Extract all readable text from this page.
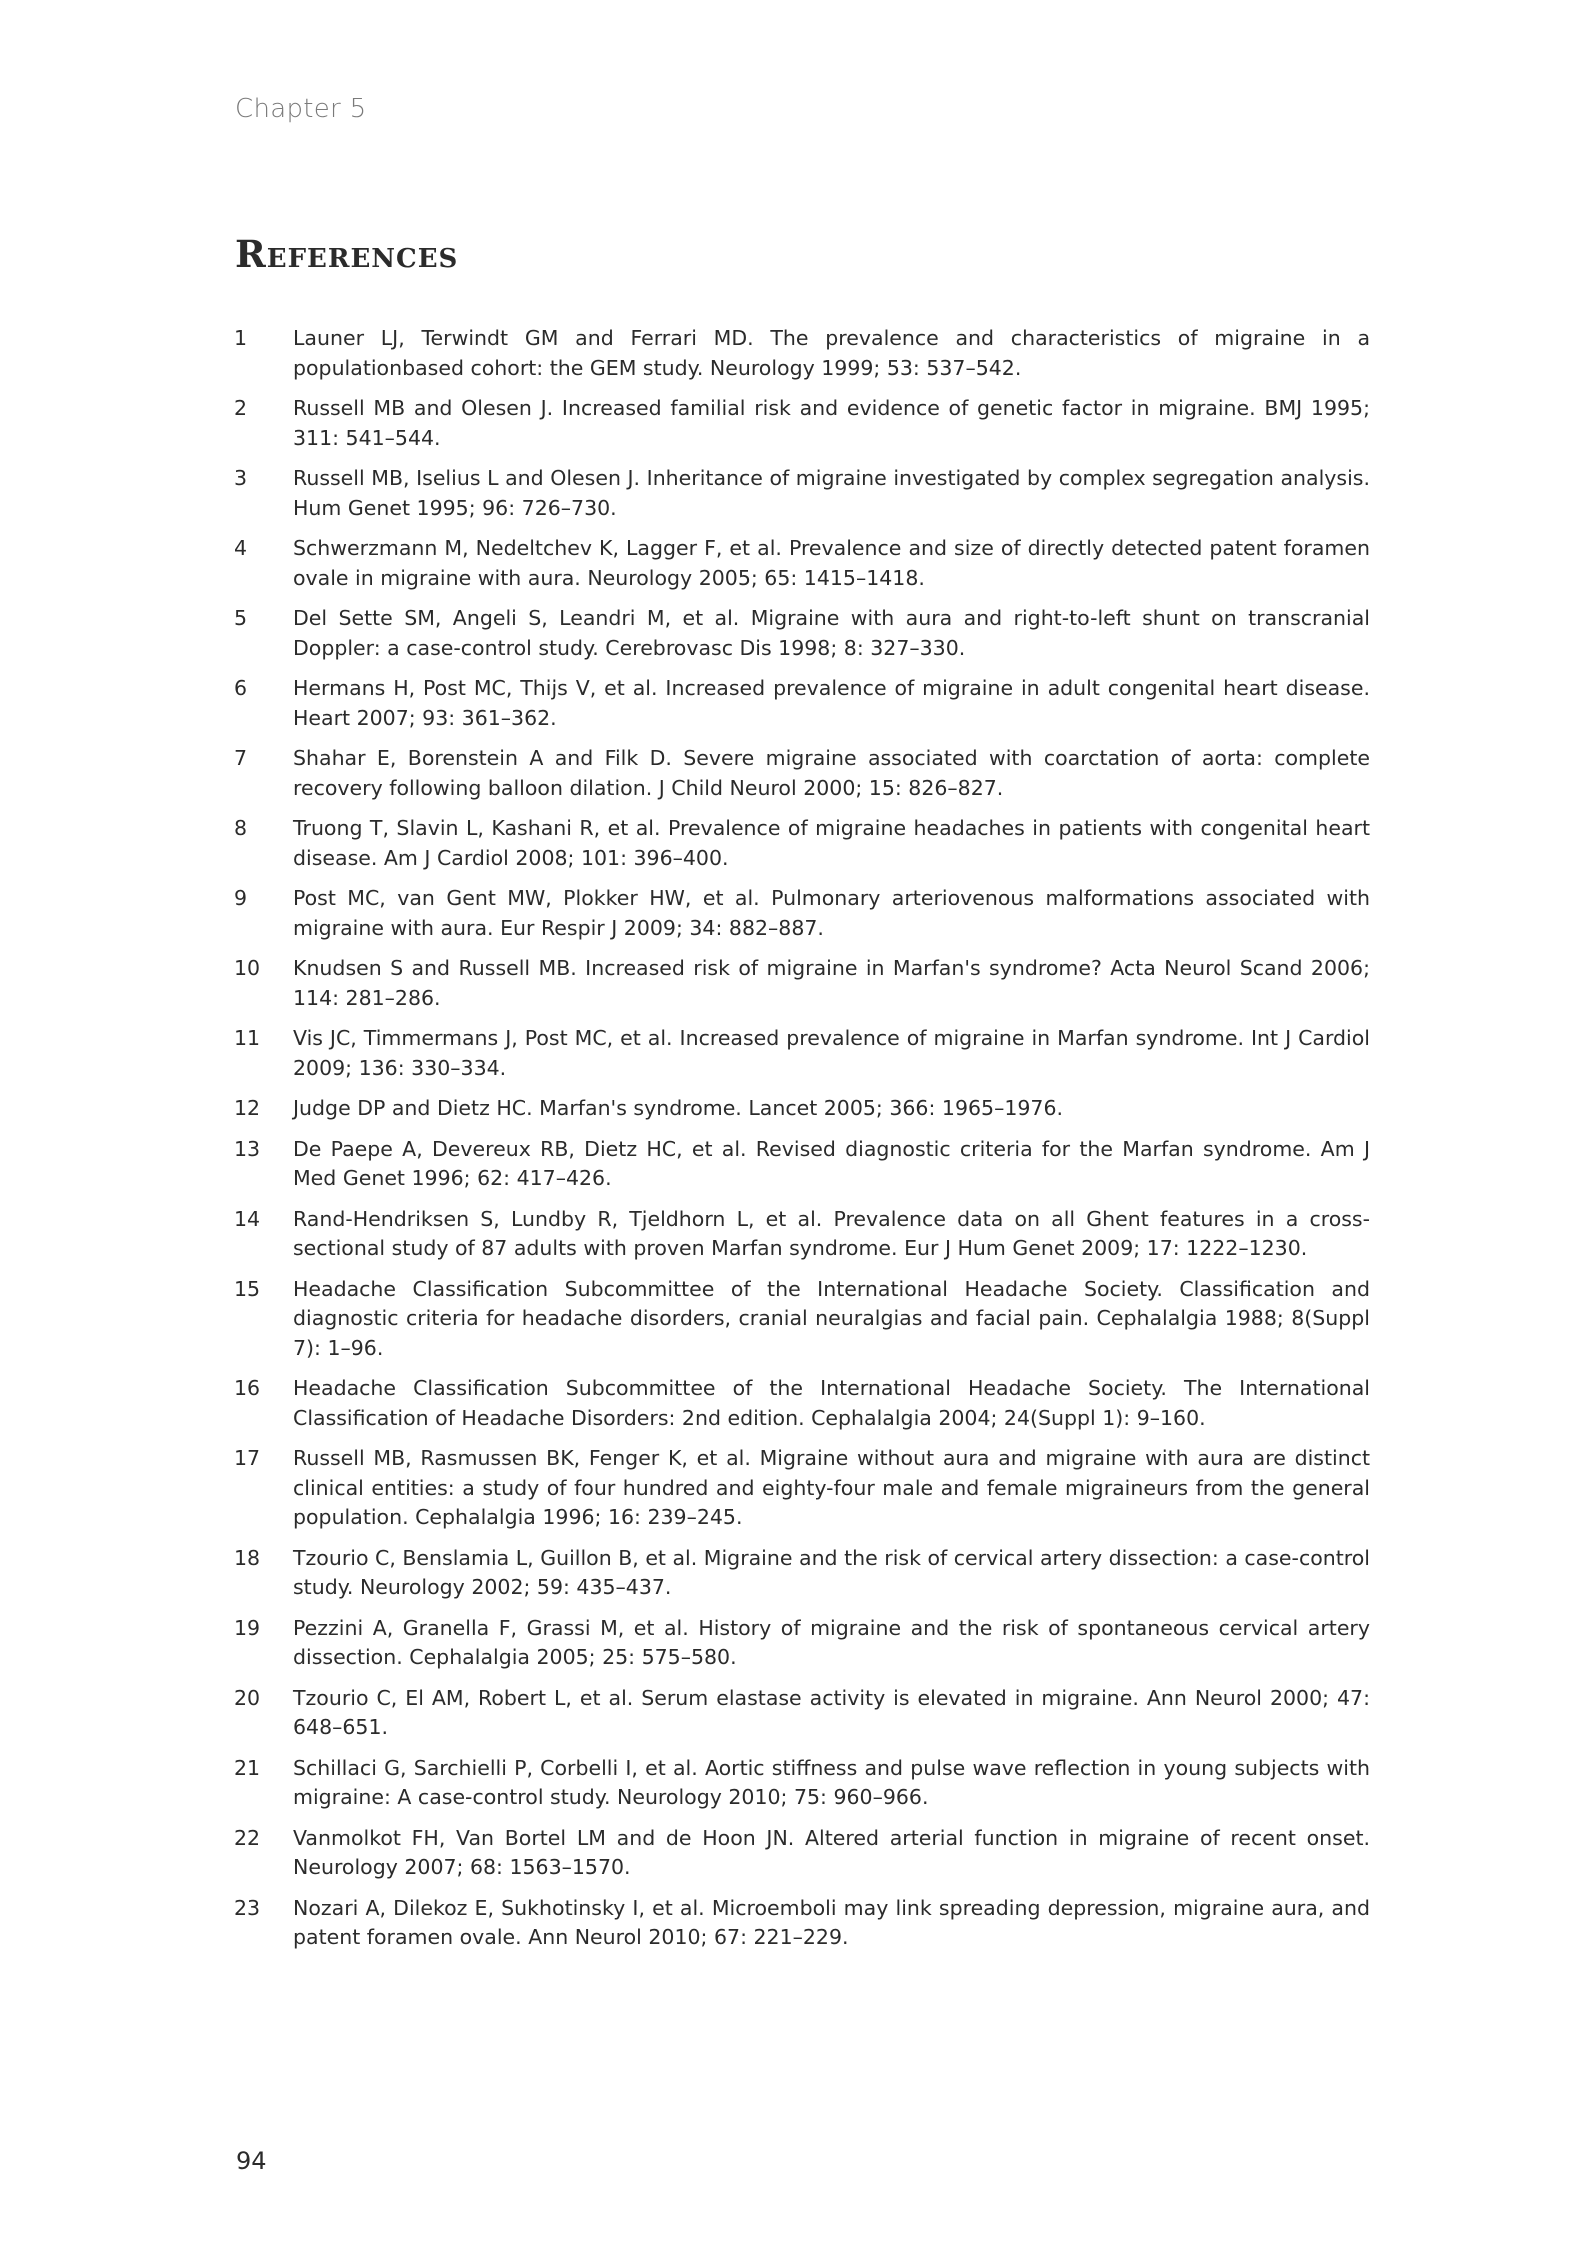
Chapter 5
References
1	Launer LJ, Terwindt GM and Ferrari MD. The prevalence and characteristics of migraine in a populationbased cohort: the GEM study. Neurology 1999; 53: 537–542.
2	Russell MB and Olesen J. Increased familial risk and evidence of genetic factor in migraine. BMJ 1995; 311: 541–544.
3	Russell MB, Iselius L and Olesen J. Inheritance of migraine investigated by complex segregation analysis. Hum Genet 1995; 96: 726–730.
4	Schwerzmann M, Nedeltchev K, Lagger F, et al. Prevalence and size of directly detected patent foramen ovale in migraine with aura. Neurology 2005; 65: 1415–1418.
5	Del Sette SM, Angeli S, Leandri M, et al. Migraine with aura and right-to-left shunt on transcranial Doppler: a case-control study. Cerebrovasc Dis 1998; 8: 327–330.
6	Hermans H, Post MC, Thijs V, et al. Increased prevalence of migraine in adult congenital heart disease. Heart 2007; 93: 361–362.
7	Shahar E, Borenstein A and Filk D. Severe migraine associated with coarctation of aorta: complete recovery following balloon dilation. J Child Neurol 2000; 15: 826–827.
8	Truong T, Slavin L, Kashani R, et al. Prevalence of migraine headaches in patients with congenital heart disease. Am J Cardiol 2008; 101: 396–400.
9	Post MC, van Gent MW, Plokker HW, et al. Pulmonary arteriovenous malformations associated with migraine with aura. Eur Respir J 2009; 34: 882–887.
10	Knudsen S and Russell MB. Increased risk of migraine in Marfan's syndrome? Acta Neurol Scand 2006; 114: 281–286.
11	Vis JC, Timmermans J, Post MC, et al. Increased prevalence of migraine in Marfan syndrome. Int J Cardiol 2009; 136: 330–334.
12	Judge DP and Dietz HC. Marfan's syndrome. Lancet 2005; 366: 1965–1976.
13	De Paepe A, Devereux RB, Dietz HC, et al. Revised diagnostic criteria for the Marfan syndrome. Am J Med Genet 1996; 62: 417–426.
14	Rand-Hendriksen S, Lundby R, Tjeldhorn L, et al. Prevalence data on all Ghent features in a cross-sectional study of 87 adults with proven Marfan syndrome. Eur J Hum Genet 2009; 17: 1222–1230.
15	Headache Classification Subcommittee of the International Headache Society. Classification and diagnostic criteria for headache disorders, cranial neuralgias and facial pain. Cephalalgia 1988; 8(Suppl 7): 1–96.
16	Headache Classification Subcommittee of the International Headache Society. The International Classification of Headache Disorders: 2nd edition. Cephalalgia 2004; 24(Suppl 1): 9–160.
17	Russell MB, Rasmussen BK, Fenger K, et al. Migraine without aura and migraine with aura are distinct clinical entities: a study of four hundred and eighty-four male and female migraineurs from the general population. Cephalalgia 1996; 16: 239–245.
18	Tzourio C, Benslamia L, Guillon B, et al. Migraine and the risk of cervical artery dissection: a case-control study. Neurology 2002; 59: 435–437.
19	Pezzini A, Granella F, Grassi M, et al. History of migraine and the risk of spontaneous cervical artery dissection. Cephalalgia 2005; 25: 575–580.
20	Tzourio C, El AM, Robert L, et al. Serum elastase activity is elevated in migraine. Ann Neurol 2000; 47: 648–651.
21	Schillaci G, Sarchielli P, Corbelli I, et al. Aortic stiffness and pulse wave reflection in young subjects with migraine: A case-control study. Neurology 2010; 75: 960–966.
22	Vanmolkot FH, Van Bortel LM and de Hoon JN. Altered arterial function in migraine of recent onset. Neurology 2007; 68: 1563–1570.
23	Nozari A, Dilekoz E, Sukhotinsky I, et al. Microemboli may link spreading depression, migraine aura, and patent foramen ovale. Ann Neurol 2010; 67: 221–229.
94
